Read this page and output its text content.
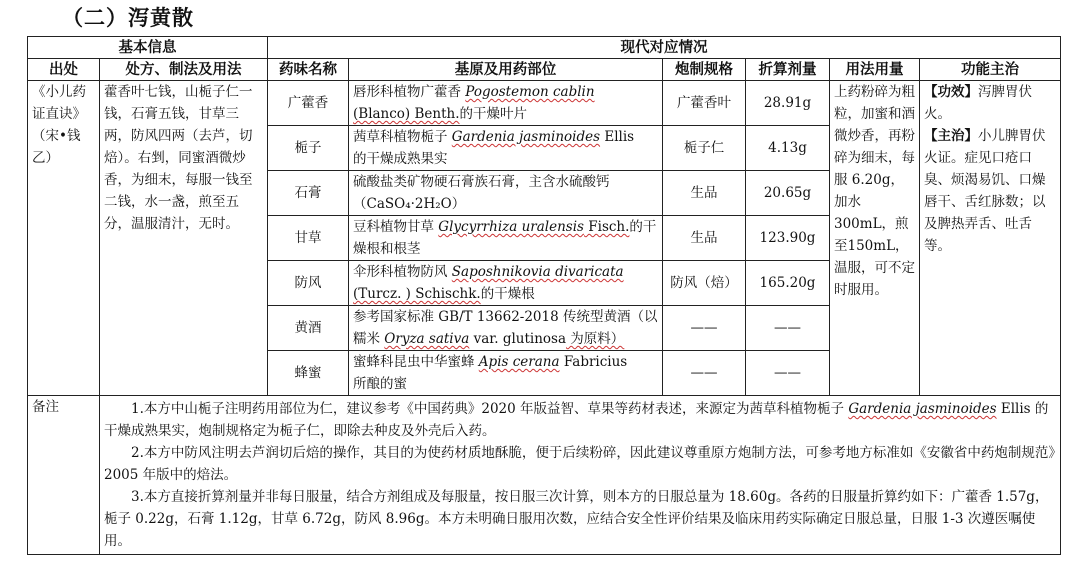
（二）泻黄散
基本信息		现代对应情况					
出处	处方、制法及用法	药味名称	基原及用药部位	炮制规格	折算剂量	用法用量	功能主治
《小儿药证直诀》（宋•钱乙）	藿香叶七钱，山栀子仁一钱，石膏五钱，甘草三两，防风四两（去芦，切焙）。右剉，同蜜酒微炒香，为细末，每服一钱至二钱，水一盏，煎至五分，温服清汁，无时。	广藿香	唇形科植物广藿香 Pogostemon cablin
(Blanco) Benth.的干燥叶片	广藿香叶	28.91g	上药粉碎为粗粒，加蜜和酒微炒香，再粉碎为细末，每服 6.20g，加水 300mL，煎至150mL，温服，可不定时服用。	【功效】泻脾胃伏火。
【主治】小儿脾胃伏火证。症见口疮口臭、烦渴易饥、口燥唇干、舌红脉数；以及脾热弄舌、吐舌等。
		栀子	茜草科植物栀子 Gardenia jasminoides Ellis
的干燥成熟果实	栀子仁	4.13g		
		石膏	硫酸盐类矿物硬石膏族石膏，主含水硫酸钙（CaSO₄·2H₂O）	生品	20.65g		
		甘草	豆科植物甘草 Glycyrrhiza uralensis Fisch.的干燥根和根茎	生品	123.90g		
		防风	伞形科植物防风 Saposhnikovia divaricata
(Turcz. ) Schischk.的干燥根	防风（焙）	165.20g		
		黄酒	参考国家标准 GB/T 13662-2018 传统型黄酒（以糯米 Oryza sativa var. glutinosa 为原料）	——	——		
		蜂蜜	蜜蜂科昆虫中华蜜蜂 Apis cerana Fabricius
所酿的蜜	——	——		
备注	1.本方中山栀子注明药用部位为仁，建议参考《中国药典》2020 年版益智、草果等药材表述，来源定为茜草科植物栀子 Gardenia jasminoides Ellis 的干燥成熟果实，炮制规格定为栀子仁，即除去种皮及外壳后入药。

2.本方中防风注明去芦润切后焙的操作，其目的为使药材质地酥脆，便于后续粉碎，因此建议尊重原方炮制方法，可参考地方标准如《安徽省中药炮制规范》2005 年版中的焙法。

3.本方直接折算剂量并非每日服量，结合方剂组成及每服量，按日服三次计算，则本方的日服总量为 18.60g。各药的日服量折算约如下：广藿香 1.57g，栀子 0.22g，石膏 1.12g，甘草 6.72g，防风 8.96g。本方未明确日服用次数，应结合安全性评价结果及临床用药实际确定日服总量，日服 1-3 次遵医嘱使用。						
